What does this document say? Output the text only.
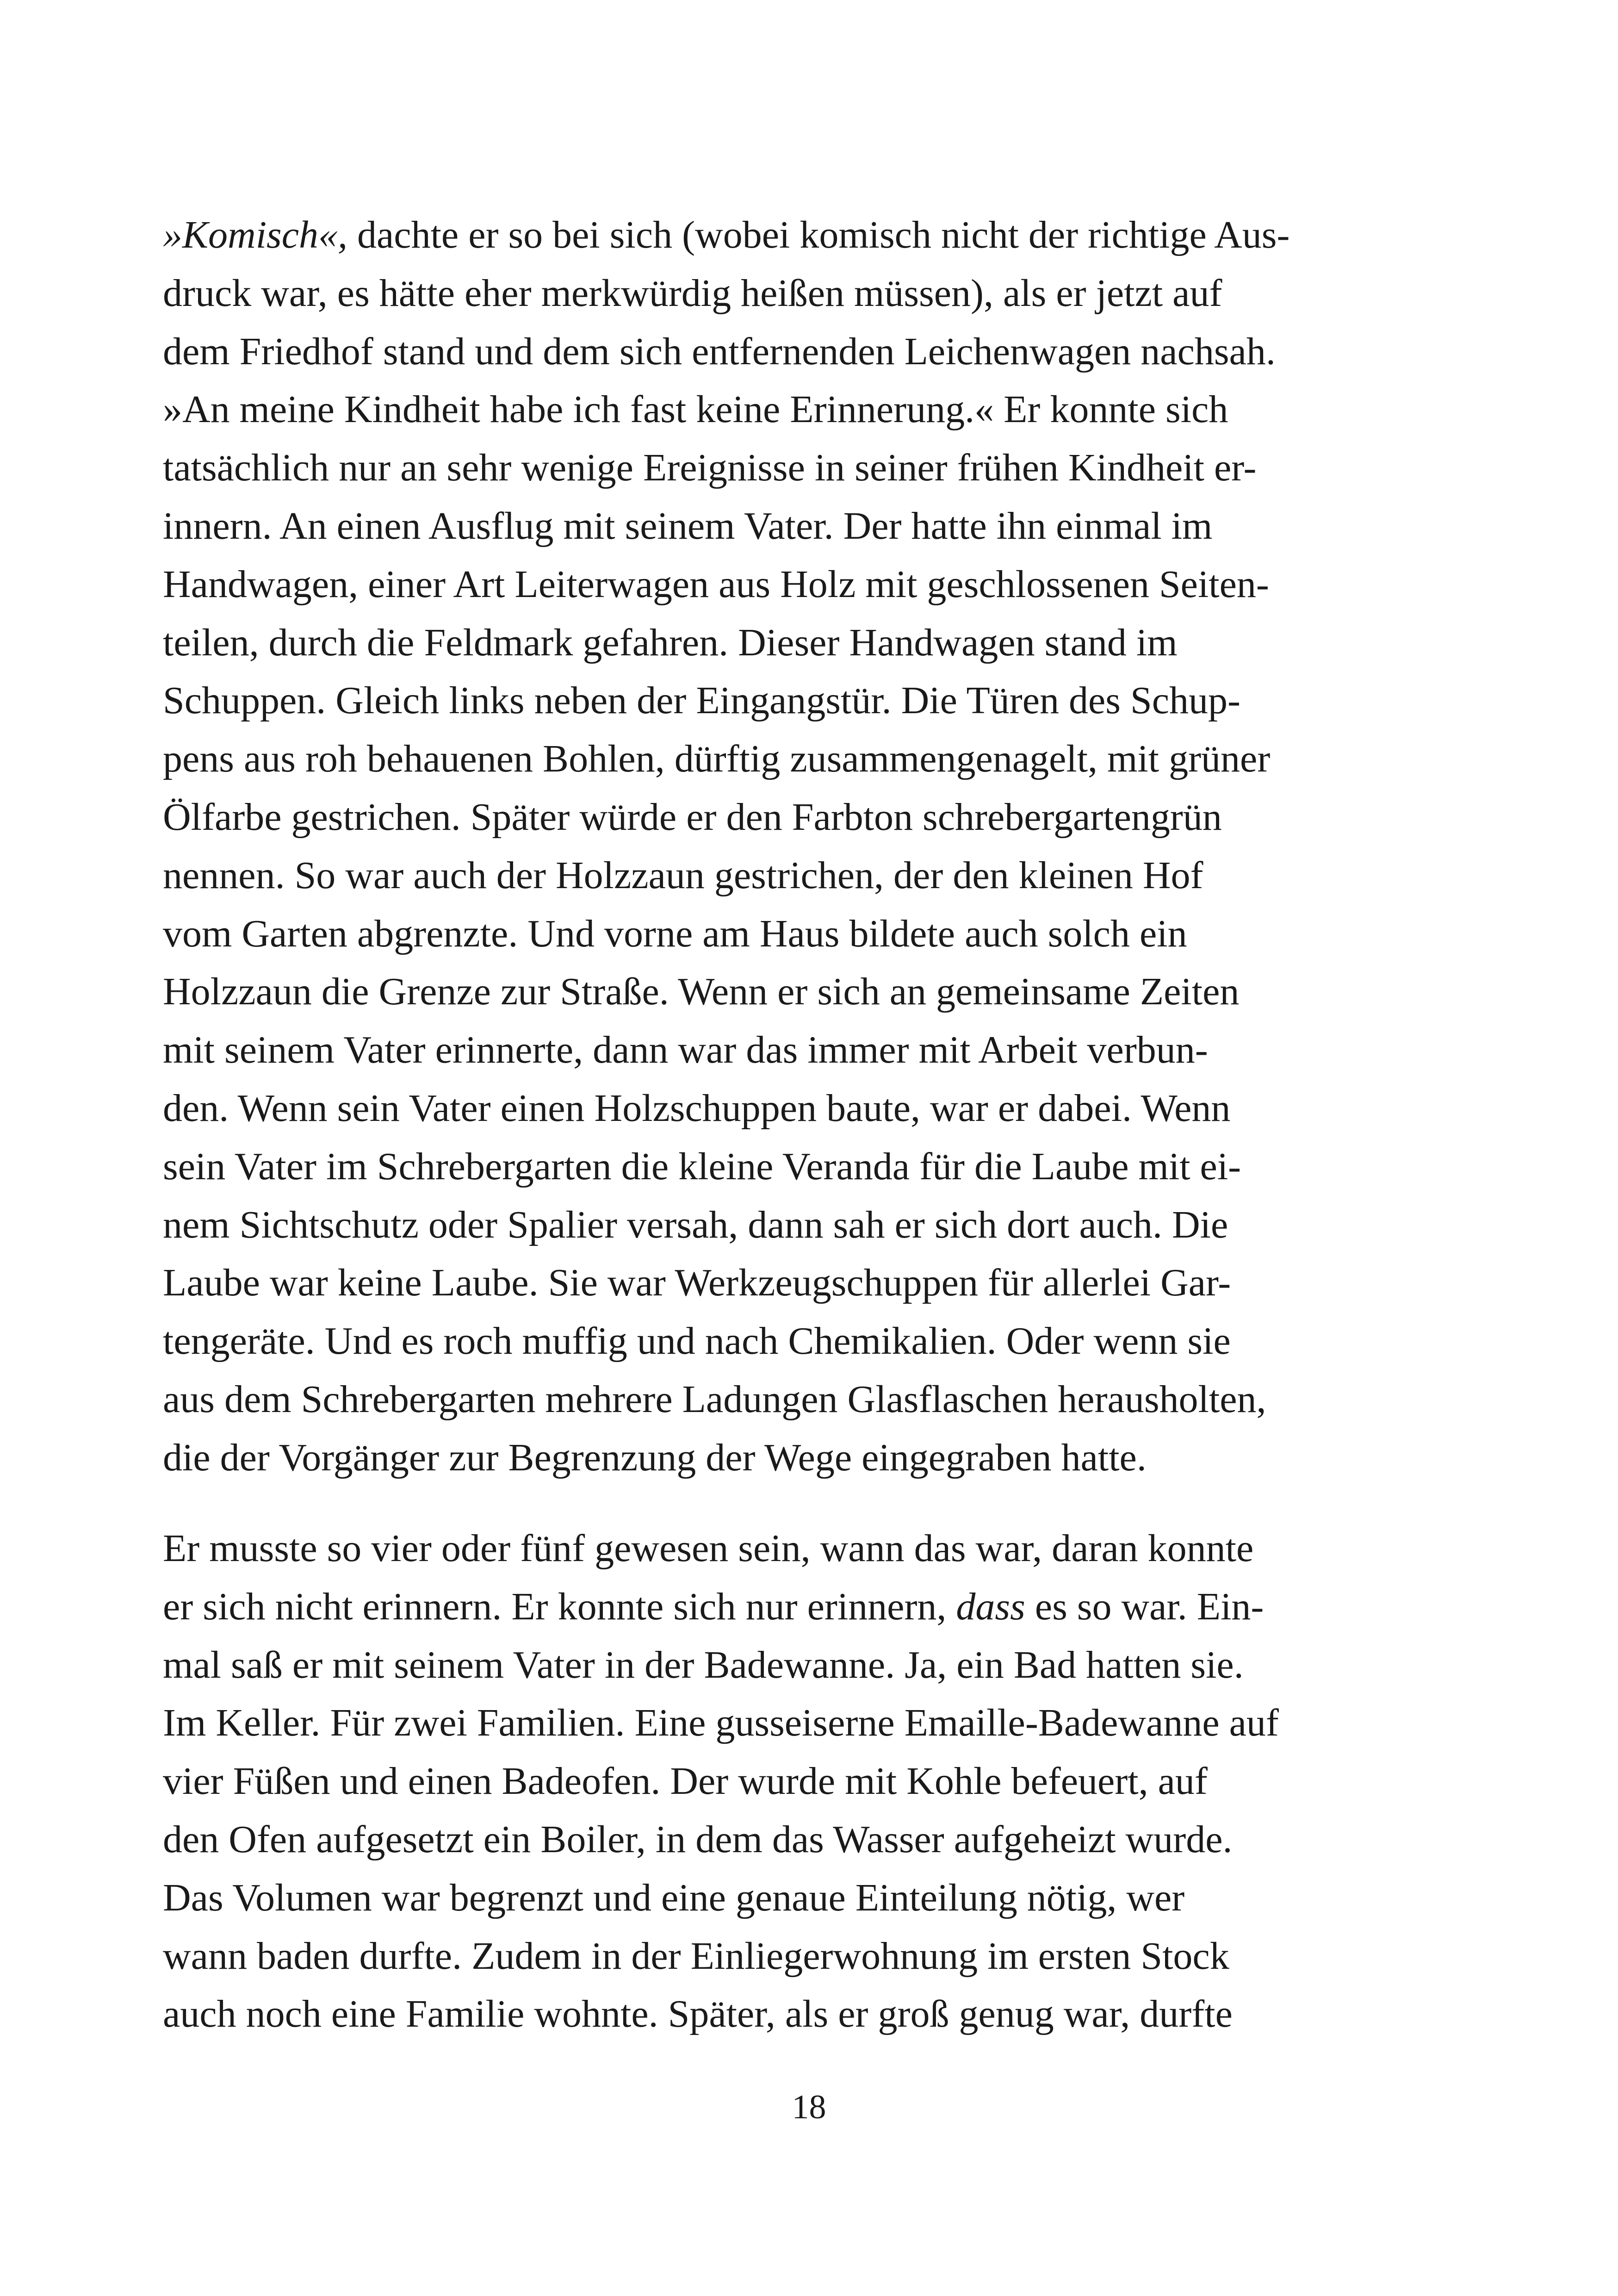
»Komisch«, dachte er so bei sich (wobei komisch nicht der richtige Aus-
druck war, es hätte eher merkwürdig heißen müssen), als er jetzt auf
dem Friedhof stand und dem sich entfernenden Leichenwagen nachsah.
»An meine Kindheit habe ich fast keine Erinnerung.« Er konnte sich
tatsächlich nur an sehr wenige Ereignisse in seiner frühen Kindheit er-
innern. An einen Ausflug mit seinem Vater. Der hatte ihn einmal im
Handwagen, einer Art Leiterwagen aus Holz mit geschlossenen Seiten-
teilen, durch die Feldmark gefahren. Dieser Handwagen stand im
Schuppen. Gleich links neben der Eingangstür. Die Türen des Schup-
pens aus roh behauenen Bohlen, dürftig zusammengenagelt, mit grüner
Ölfarbe gestrichen. Später würde er den Farbton schrebergartengrün
nennen. So war auch der Holzzaun gestrichen, der den kleinen Hof
vom Garten abgrenzte. Und vorne am Haus bildete auch solch ein
Holzzaun die Grenze zur Straße. Wenn er sich an gemeinsame Zeiten
mit seinem Vater erinnerte, dann war das immer mit Arbeit verbun-
den. Wenn sein Vater einen Holzschuppen baute, war er dabei. Wenn
sein Vater im Schrebergarten die kleine Veranda für die Laube mit ei-
nem Sichtschutz oder Spalier versah, dann sah er sich dort auch. Die
Laube war keine Laube. Sie war Werkzeugschuppen für allerlei Gar-
tengeräte. Und es roch muffig und nach Chemikalien. Oder wenn sie
aus dem Schrebergarten mehrere Ladungen Glasflaschen herausholten,
die der Vorgänger zur Begrenzung der Wege eingegraben hatte.
Er musste so vier oder fünf gewesen sein, wann das war, daran konnte
er sich nicht erinnern. Er konnte sich nur erinnern, dass es so war. Ein-
mal saß er mit seinem Vater in der Badewanne. Ja, ein Bad hatten sie.
Im Keller. Für zwei Familien. Eine gusseiserne Emaille-Badewanne auf
vier Füßen und einen Badeofen. Der wurde mit Kohle befeuert, auf
den Ofen aufgesetzt ein Boiler, in dem das Wasser aufgeheizt wurde.
Das Volumen war begrenzt und eine genaue Einteilung nötig, wer
wann baden durfte. Zudem in der Einliegerwohnung im ersten Stock
auch noch eine Familie wohnte. Später, als er groß genug war, durfte
18
